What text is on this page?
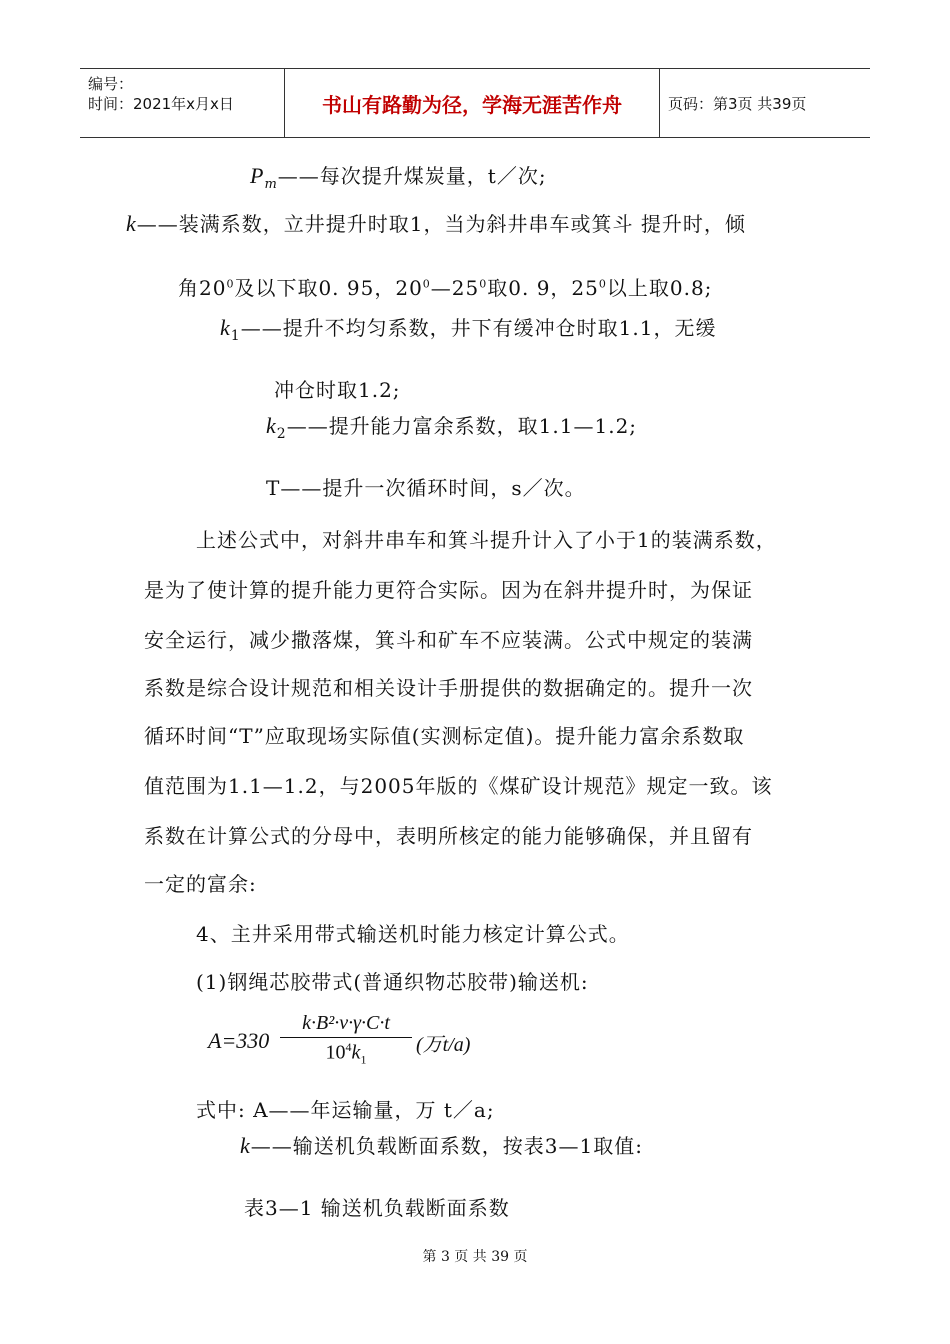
编号：
时间：2021年x月x日	书山有路勤为径，学海无涯苦作舟	页码：第3页 共39页
$P_m——$每次提升煤炭量，t／次;
k——装满系数，立井提升时取1，当为斜井串车或箕斗 提升时，倾
角$20^0$及以下取0. 95，$20^0—25^0$取0. 9，$25^0$以上取0.8;
$k_1——$提升不均匀系数，井下有缓冲仓时取1.1，无缓
冲仓时取1.2;
$k_2——$提升能力富余系数，取1.1—1.2;
T——提升一次循环时间，s／次。
上述公式中，对斜井串车和箕斗提升计入了小于1的装满系数，
是为了使计算的提升能力更符合实际。因为在斜井提升时，为保证
安全运行，减少撒落煤，箕斗和矿车不应装满。公式中规定的装满
系数是综合设计规范和相关设计手册提供的数据确定的。提升一次
循环时间“T”应取现场实际值(实测标定值)。提升能力富余系数取
值范围为1.1—1.2，与2005年版的《煤矿设计规范》规定一致。该
系数在计算公式的分母中，表明所核定的能力能够确保，并且留有
一定的富余:
4、主井采用带式输送机时能力核定计算公式。
(1)钢绳芯胶带式(普通织物芯胶带)输送机:
$A=330 \frac{\text{k·B²·v·γ·C·t}}{10^4k_1}$ (万t/a)
式中: A——年运输量，万 t／a;
k——输送机负载断面系数，按表3—1取值:
表3—1 输送机负载断面系数
第 3 页 共 39 页
